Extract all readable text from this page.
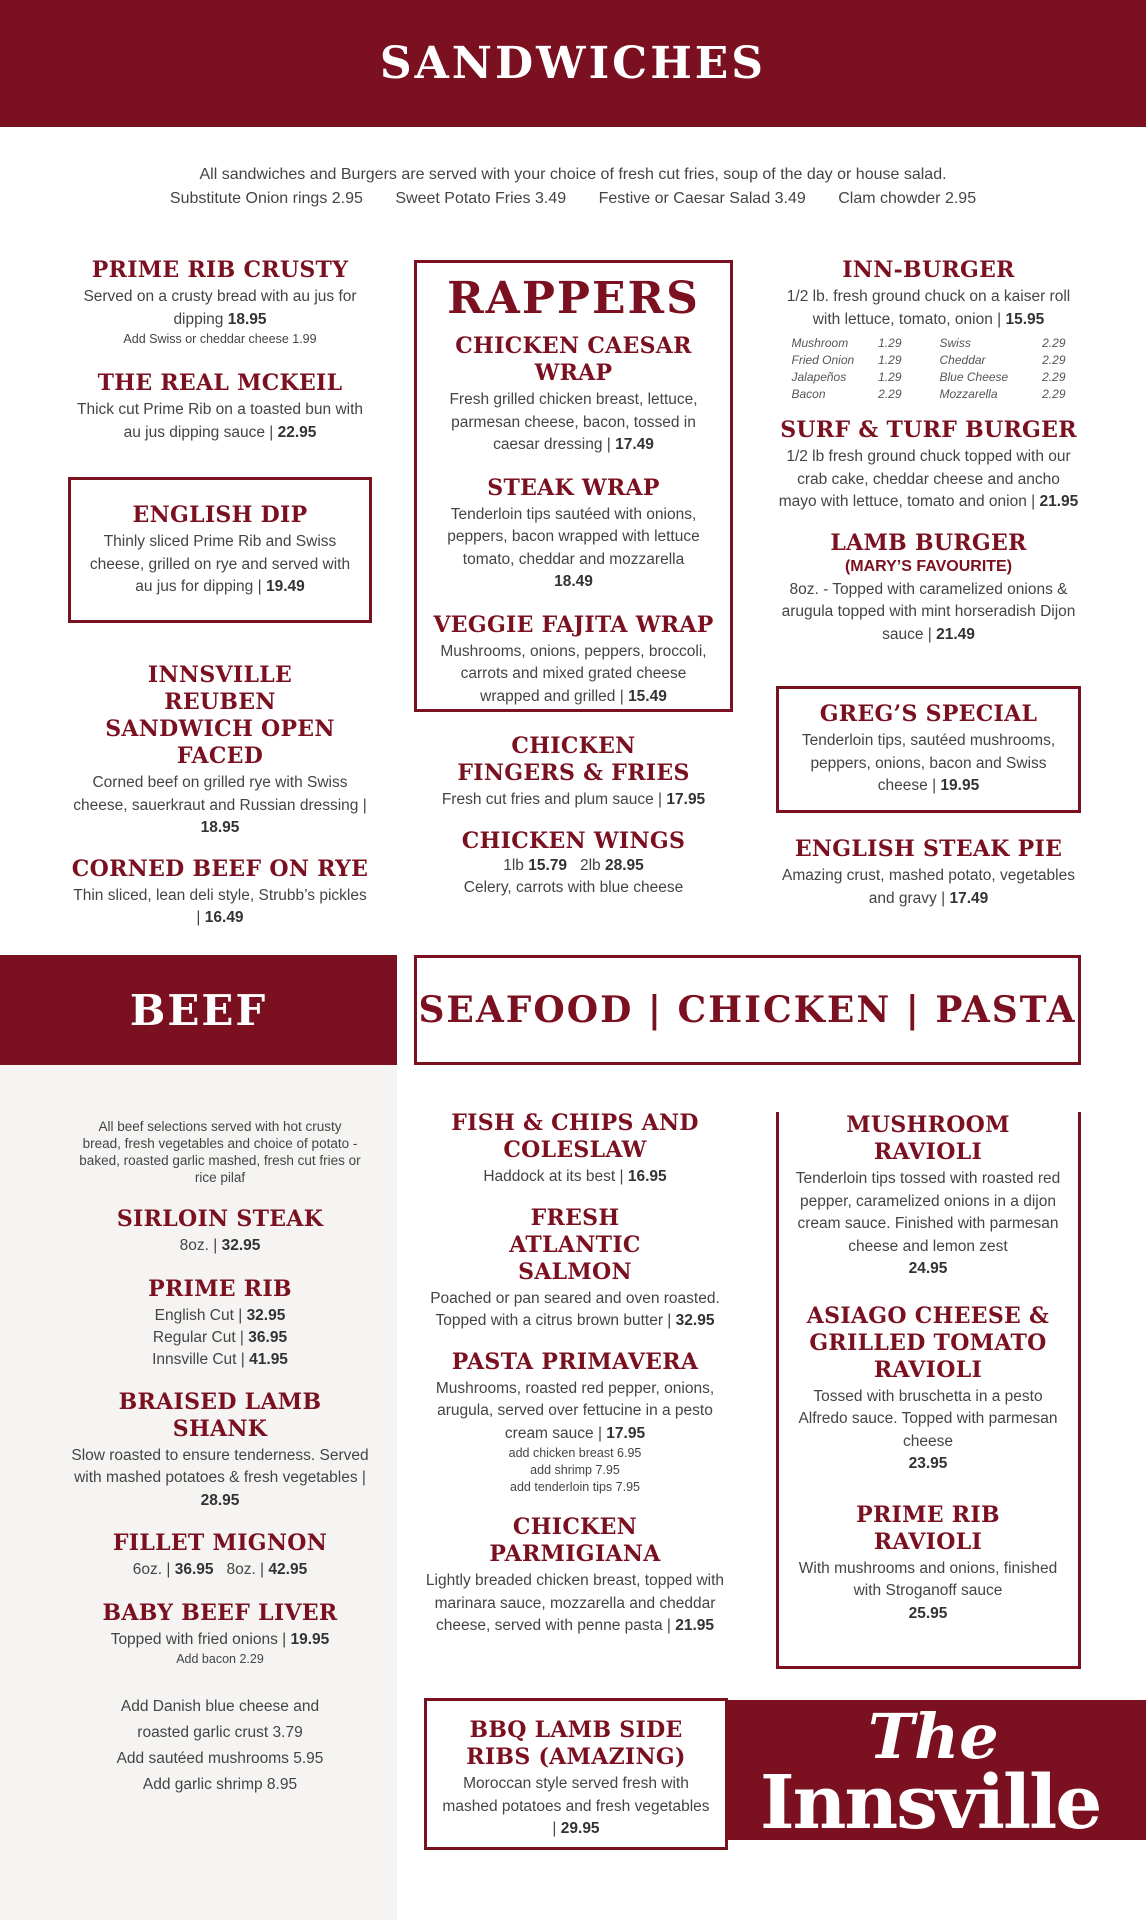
SANDWICHES
All sandwiches and Burgers are served with your choice of fresh cut fries, soup of the day or house salad.
Substitute Onion rings 2.95 Sweet Potato Fries 3.49 Festive or Caesar Salad 3.49 Clam chowder 2.95
PRIME RIB CRUSTY

Served on a crusty bread with au jus for dipping 18.95

Add Swiss or cheddar cheese 1.99
THE REAL MCKEIL

Thick cut Prime Rib on a toasted bun with au jus dipping sauce | 22.95

ENGLISH DIP

Thinly sliced Prime Rib and Swiss cheese, grilled on rye and served with au jus for dipping | 19.49

INNSVILLE REUBEN SANDWICH OPEN FACED

Corned beef on grilled rye with Swiss cheese, sauerkraut and Russian dressing | 18.95

CORNED BEEF ON RYE

Thin sliced, lean deli style, Strubb’s pickles | 16.49

RAPPERS
CHICKEN CAESAR WRAP

Fresh grilled chicken breast, lettuce, parmesan cheese, bacon, tossed in caesar dressing | 17.49

STEAK WRAP

Tenderloin tips sautéed with onions, peppers, bacon wrapped with lettuce tomato, cheddar and mozzarella
18.49

VEGGIE FAJITA WRAP

Mushrooms, onions, peppers, broccoli, carrots and mixed grated cheese wrapped and grilled | 15.49

CHICKEN FINGERS & FRIES

Fresh cut fries and plum sauce | 17.95

CHICKEN WINGS

1lb 15.79 2lb 28.95
Celery, carrots with blue cheese

INN-BURGER

1/2 lb. fresh ground chuck on a kaiser roll with lettuce, tomato, onion | 15.95

Mushroom	1.29	Swiss	2.29
Fried Onion	1.29	Cheddar	2.29
Jalapeños	1.29	Blue Cheese	2.29
Bacon	2.29	Mozzarella	2.29
SURF & TURF BURGER

1/2 lb fresh ground chuck topped with our crab cake, cheddar cheese and ancho mayo with lettuce, tomato and onion | 21.95

LAMB BURGER
(MARY’S FAVOURITE)

8oz. - Topped with caramelized onions & arugula topped with mint horseradish Dijon sauce | 21.49

GREG’S SPECIAL

Tenderloin tips, sautéed mushrooms, peppers, onions, bacon and Swiss cheese | 19.95

ENGLISH STEAK PIE

Amazing crust, mashed potato, vegetables and gravy | 17.49

BEEF
All beef selections served with hot crusty bread, fresh vegetables and choice of potato - baked, roasted garlic mashed, fresh cut fries or rice pilaf
SIRLOIN STEAK

8oz. | 32.95

PRIME RIB

English Cut | 32.95
Regular Cut | 36.95
Innsville Cut | 41.95

BRAISED LAMB SHANK

Slow roasted to ensure tenderness. Served with mashed potatoes & fresh vegetables | 28.95

FILLET MIGNON

6oz. | 36.95 8oz. | 42.95

BABY BEEF LIVER

Topped with fried onions | 19.95

Add bacon 2.29
Add Danish blue cheese and
roasted garlic crust 3.79
Add sautéed mushrooms 5.95
Add garlic shrimp 8.95
SEAFOOD | CHICKEN | PASTA
FISH & CHIPS AND COLESLAW

Haddock at its best | 16.95

FRESH ATLANTIC SALMON

Poached or pan seared and oven roasted. Topped with a citrus brown butter | 32.95

PASTA PRIMAVERA

Mushrooms, roasted red pepper, onions, arugula, served over fettucine in a pesto cream sauce | 17.95

add chicken breast 6.95
add shrimp 7.95
add tenderloin tips 7.95
CHICKEN PARMIGIANA

Lightly breaded chicken breast, topped with marinara sauce, mozzarella and cheddar cheese, served with penne pasta | 21.95

BBQ LAMB SIDE RIBS (AMAZING)

Moroccan style served fresh with mashed potatoes and fresh vegetables | 29.95

MUSHROOM RAVIOLI

Tenderloin tips tossed with roasted red pepper, caramelized onions in a dijon cream sauce. Finished with parmesan cheese and lemon zest
24.95

ASIAGO CHEESE & GRILLED TOMATO RAVIOLI

Tossed with bruschetta in a pesto Alfredo sauce. Topped with parmesan cheese
23.95

PRIME RIB RAVIOLI

With mushrooms and onions, finished with Stroganoff sauce
25.95

The
Innsville
